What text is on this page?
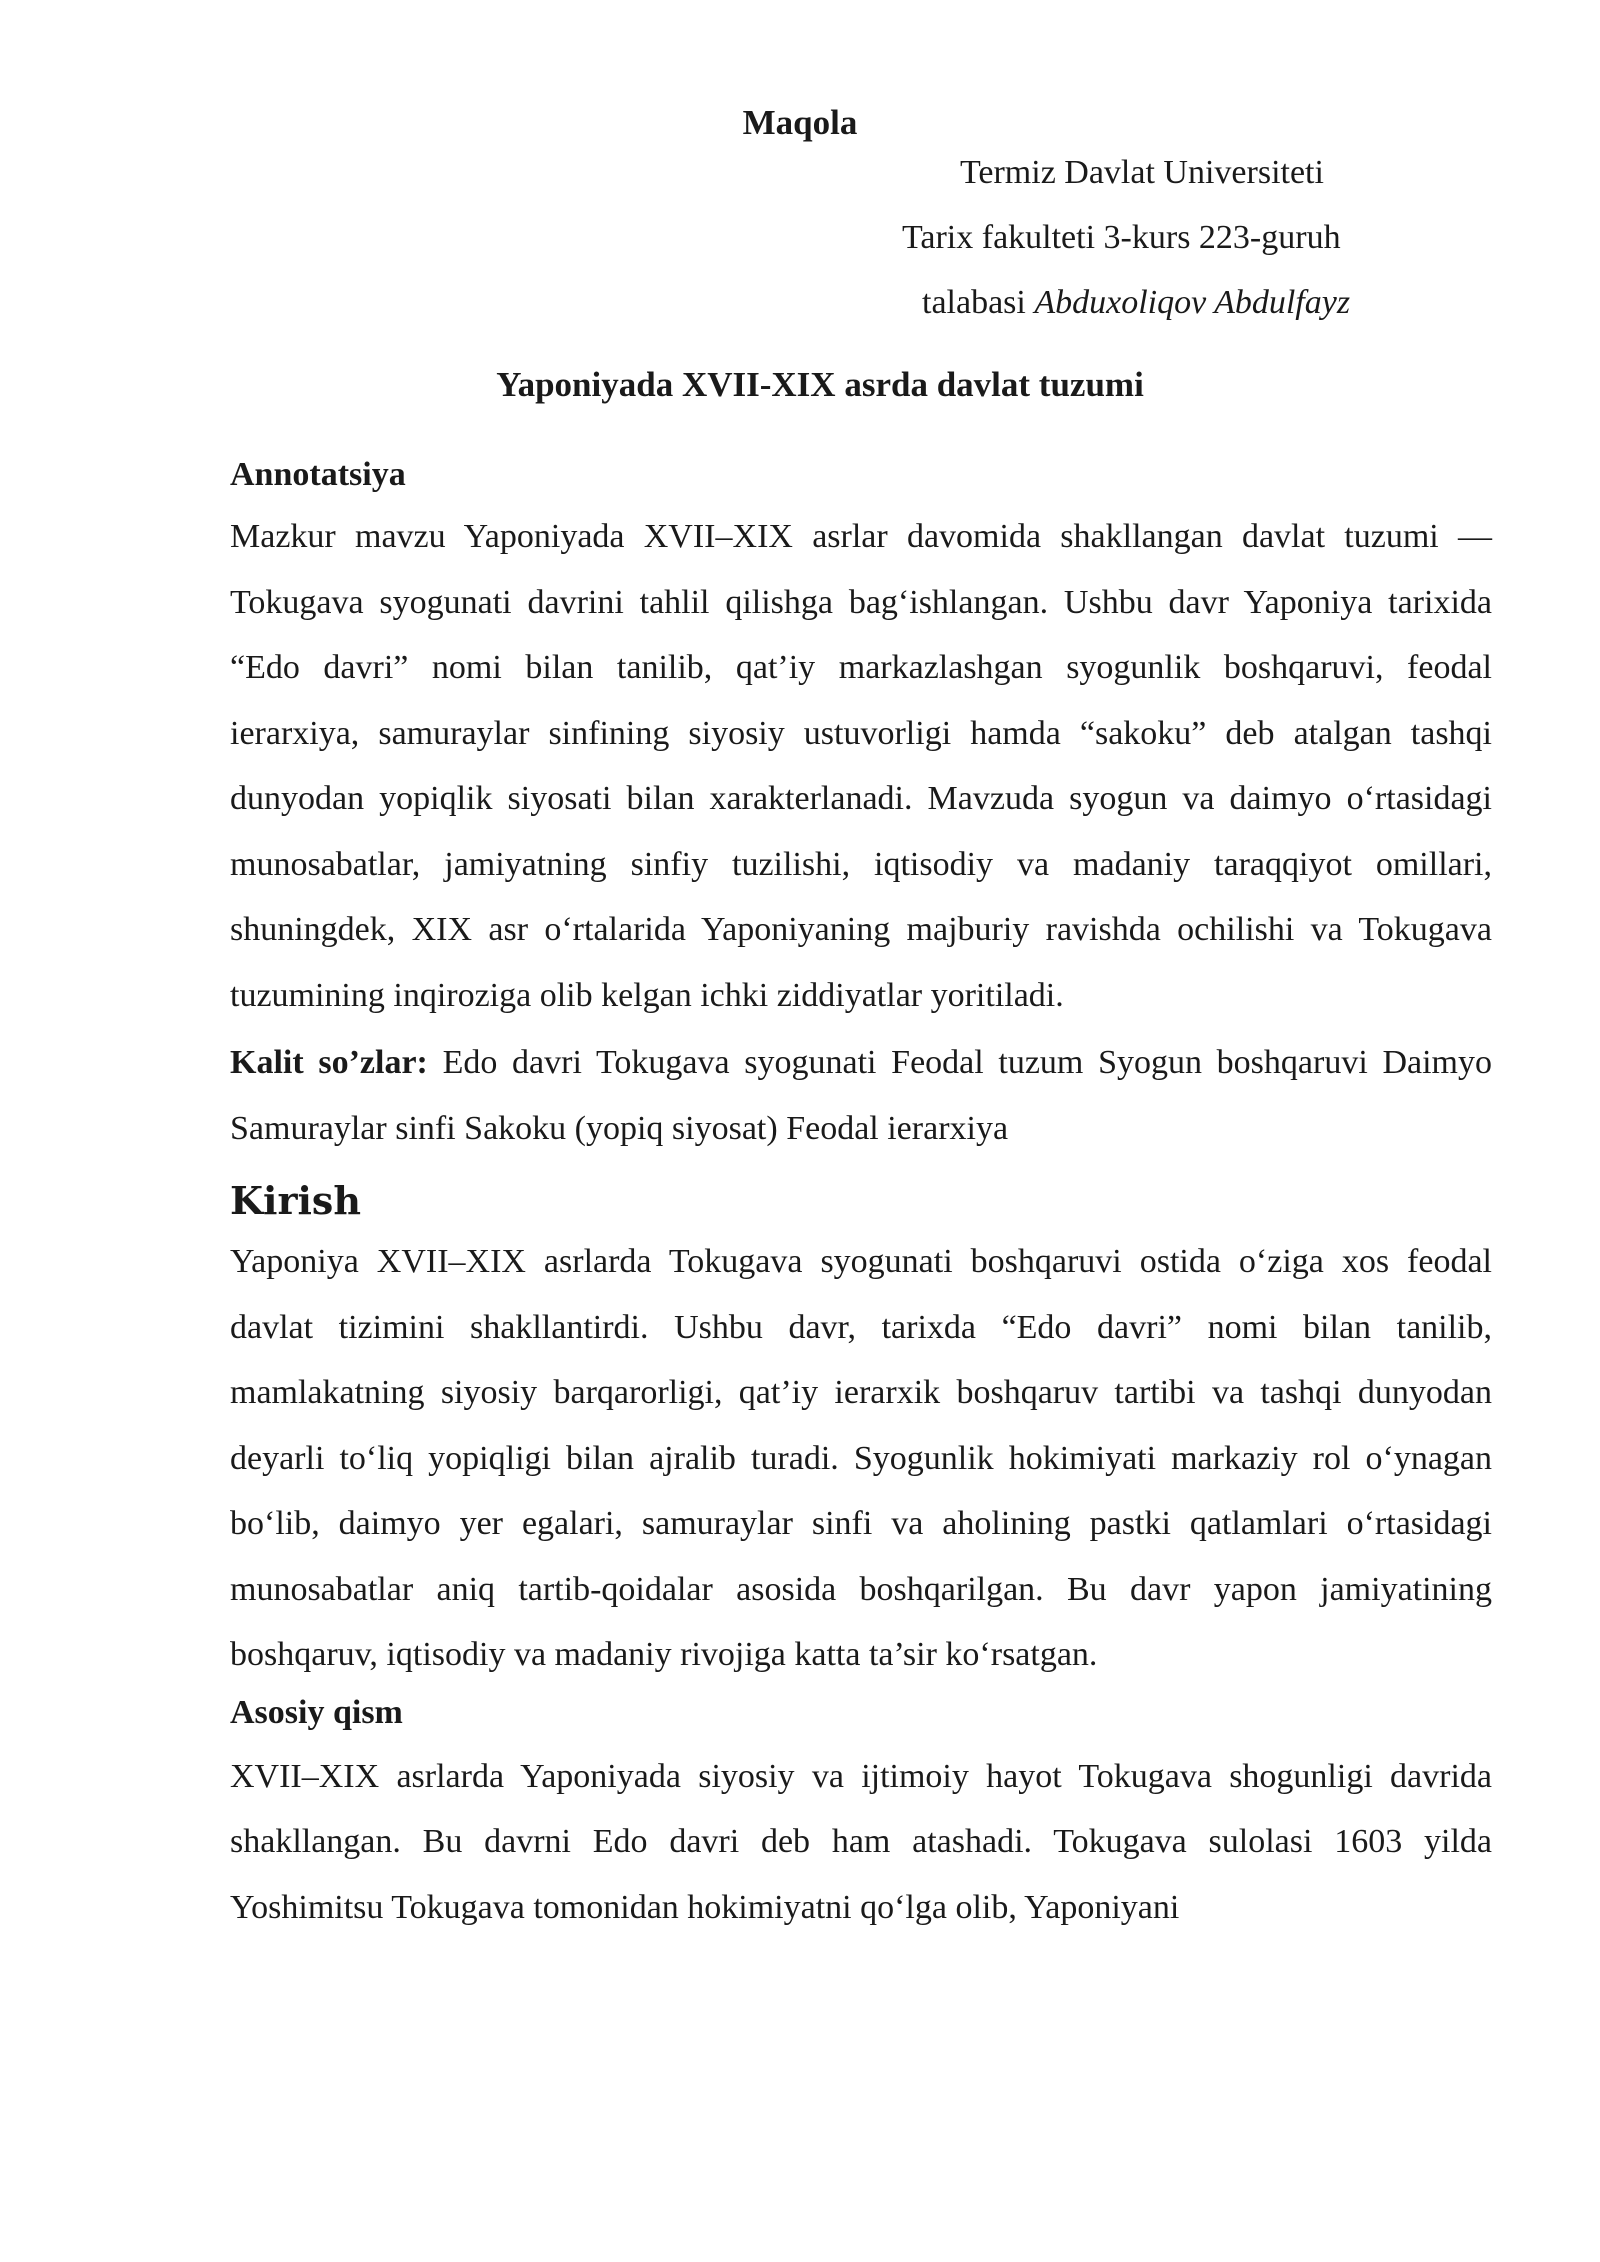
Maqola
Termiz Davlat Universiteti
Tarix fakulteti 3-kurs 223-guruh
talabasi Abduxoliqov Abdulfayz
Yaponiyada XVII-XIX asrda davlat tuzumi
Annotatsiya

Mazkur mavzu Yaponiyada XVII–XIX asrlar davomida shakllangan davlat tuzumi — Tokugava syogunati davrini tahlil qilishga bag‘ishlangan. Ushbu davr Yaponiya tarixida “Edo davri” nomi bilan tanilib, qat’iy markazlashgan syogunlik boshqaruvi, feodal ierarxiya, samuraylar sinfining siyosiy ustuvorligi hamda “sakoku” deb atalgan tashqi dunyodan yopiqlik siyosati bilan xarakterlanadi. Mavzuda syogun va daimyo o‘rtasidagi munosabatlar, jamiyatning sinfiy tuzilishi, iqtisodiy va madaniy taraqqiyot omillari, shuningdek, XIX asr o‘rtalarida Yaponiyaning majburiy ravishda ochilishi va Tokugava tuzumining inqiroziga olib kelgan ichki ziddiyatlar yoritiladi.

Kalit so’zlar: Edo davri Tokugava syogunati Feodal tuzum Syogun boshqaruvi Daimyo Samuraylar sinfi Sakoku (yopiq siyosat) Feodal ierarxiya

Kirish

Yaponiya XVII–XIX asrlarda Tokugava syogunati boshqaruvi ostida o‘ziga xos feodal davlat tizimini shakllantirdi. Ushbu davr, tarixda “Edo davri” nomi bilan tanilib, mamlakatning siyosiy barqarorligi, qat’iy ierarxik boshqaruv tartibi va tashqi dunyodan deyarli to‘liq yopiqligi bilan ajralib turadi. Syogunlik hokimiyati markaziy rol o‘ynagan bo‘lib, daimyo yer egalari, samuraylar sinfi va aholining pastki qatlamlari o‘rtasidagi munosabatlar aniq tartib-qoidalar asosida boshqarilgan. Bu davr yapon jamiyatining boshqaruv, iqtisodiy va madaniy rivojiga katta ta’sir ko‘rsatgan.

Asosiy qism

XVII–XIX asrlarda Yaponiyada siyosiy va ijtimoiy hayot Tokugava shogunligi davrida shakllangan. Bu davrni Edo davri deb ham atashadi. Tokugava sulolasi 1603 yilda Yoshimitsu Tokugava tomonidan hokimiyatni qo‘lga olib, Yaponiyani
